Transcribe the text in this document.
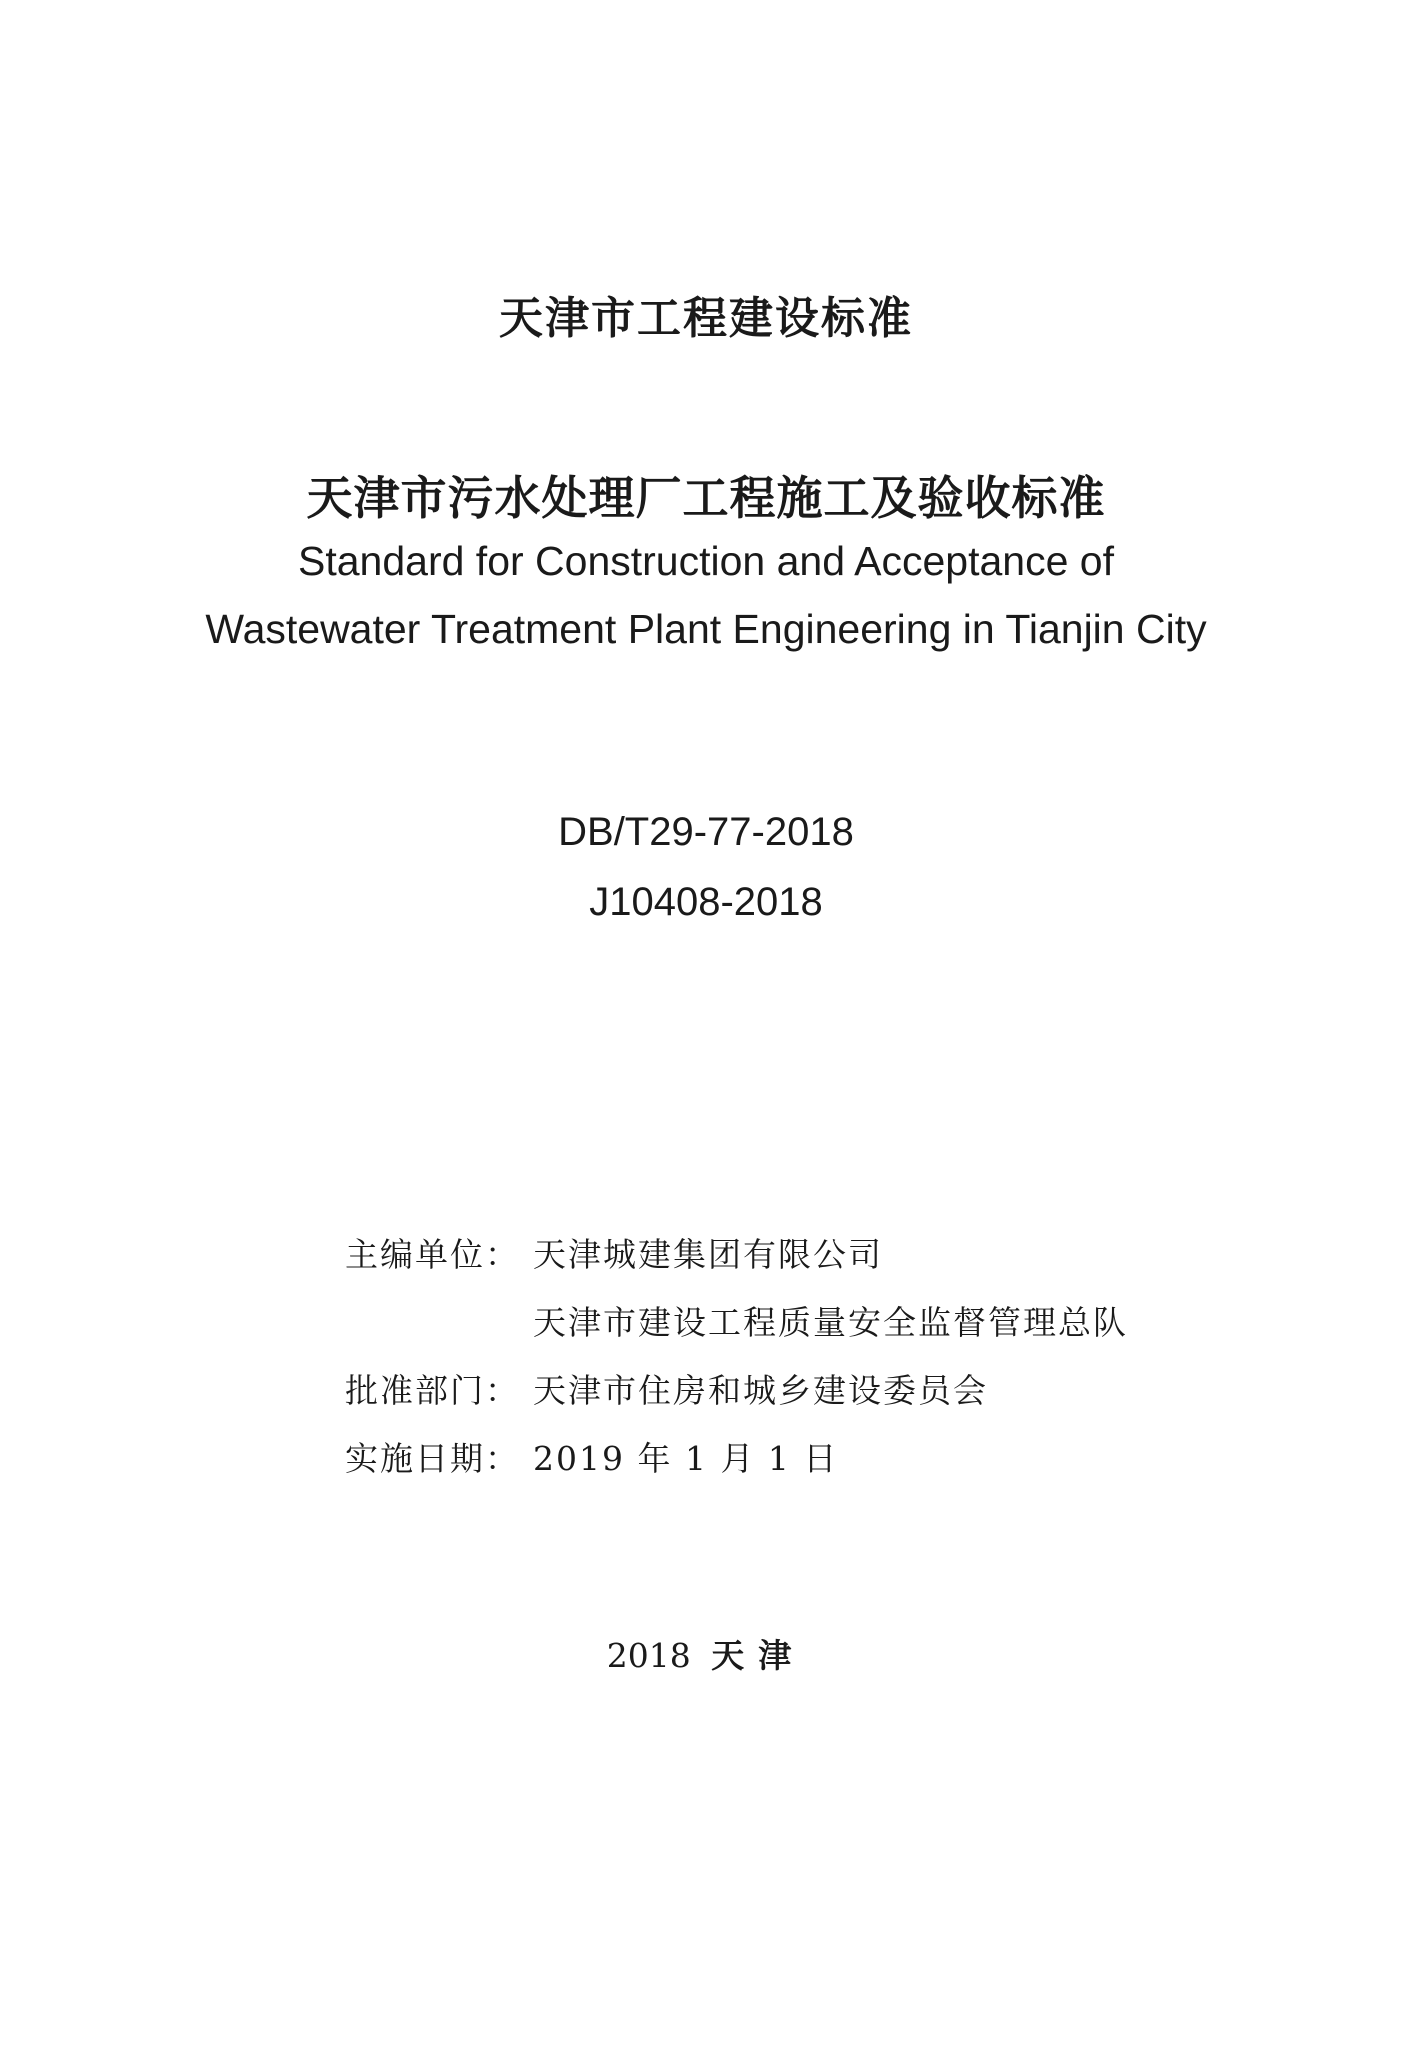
天津市工程建设标准
天津市污水处理厂工程施工及验收标准
Standard for Construction and Acceptance of
Wastewater Treatment Plant Engineering in Tianjin City
DB/T29-77-2018
J10408-2018
主编单位： 天津城建集团有限公司
天津市建设工程质量安全监督管理总队
批准部门： 天津市住房和城乡建设委员会
实施日期： 2019 年 1 月 1 日
2018 天津
